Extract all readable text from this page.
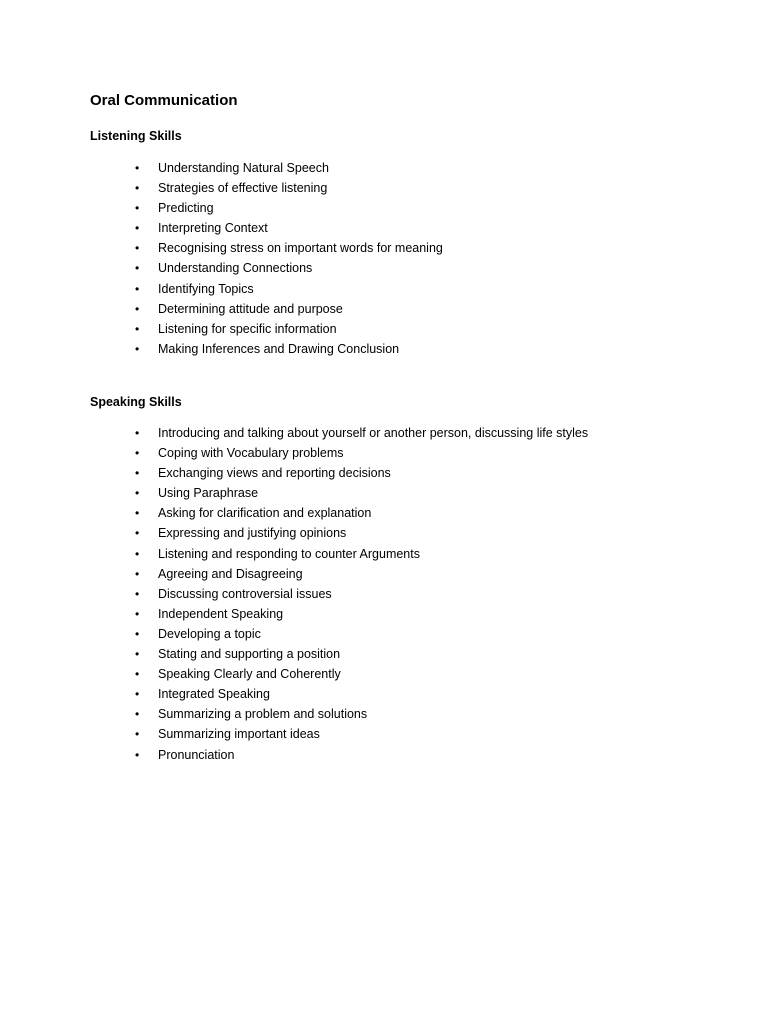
Oral Communication
Listening Skills
• Understanding Natural Speech
• Strategies of effective listening
• Predicting
• Interpreting Context
• Recognising stress on important words for meaning
• Understanding Connections
• Identifying Topics
• Determining attitude and purpose
• Listening for specific information
• Making Inferences and Drawing Conclusion
Speaking Skills
• Introducing and talking about yourself or another person, discussing life styles
• Coping with Vocabulary problems
• Exchanging views and reporting decisions
• Using Paraphrase
• Asking for clarification and explanation
• Expressing and justifying opinions
• Listening and responding to counter Arguments
• Agreeing and Disagreeing
• Discussing controversial issues
• Independent Speaking
• Developing a topic
• Stating and supporting a position
• Speaking Clearly and Coherently
• Integrated Speaking
• Summarizing a problem and solutions
• Summarizing important ideas
• Pronunciation
